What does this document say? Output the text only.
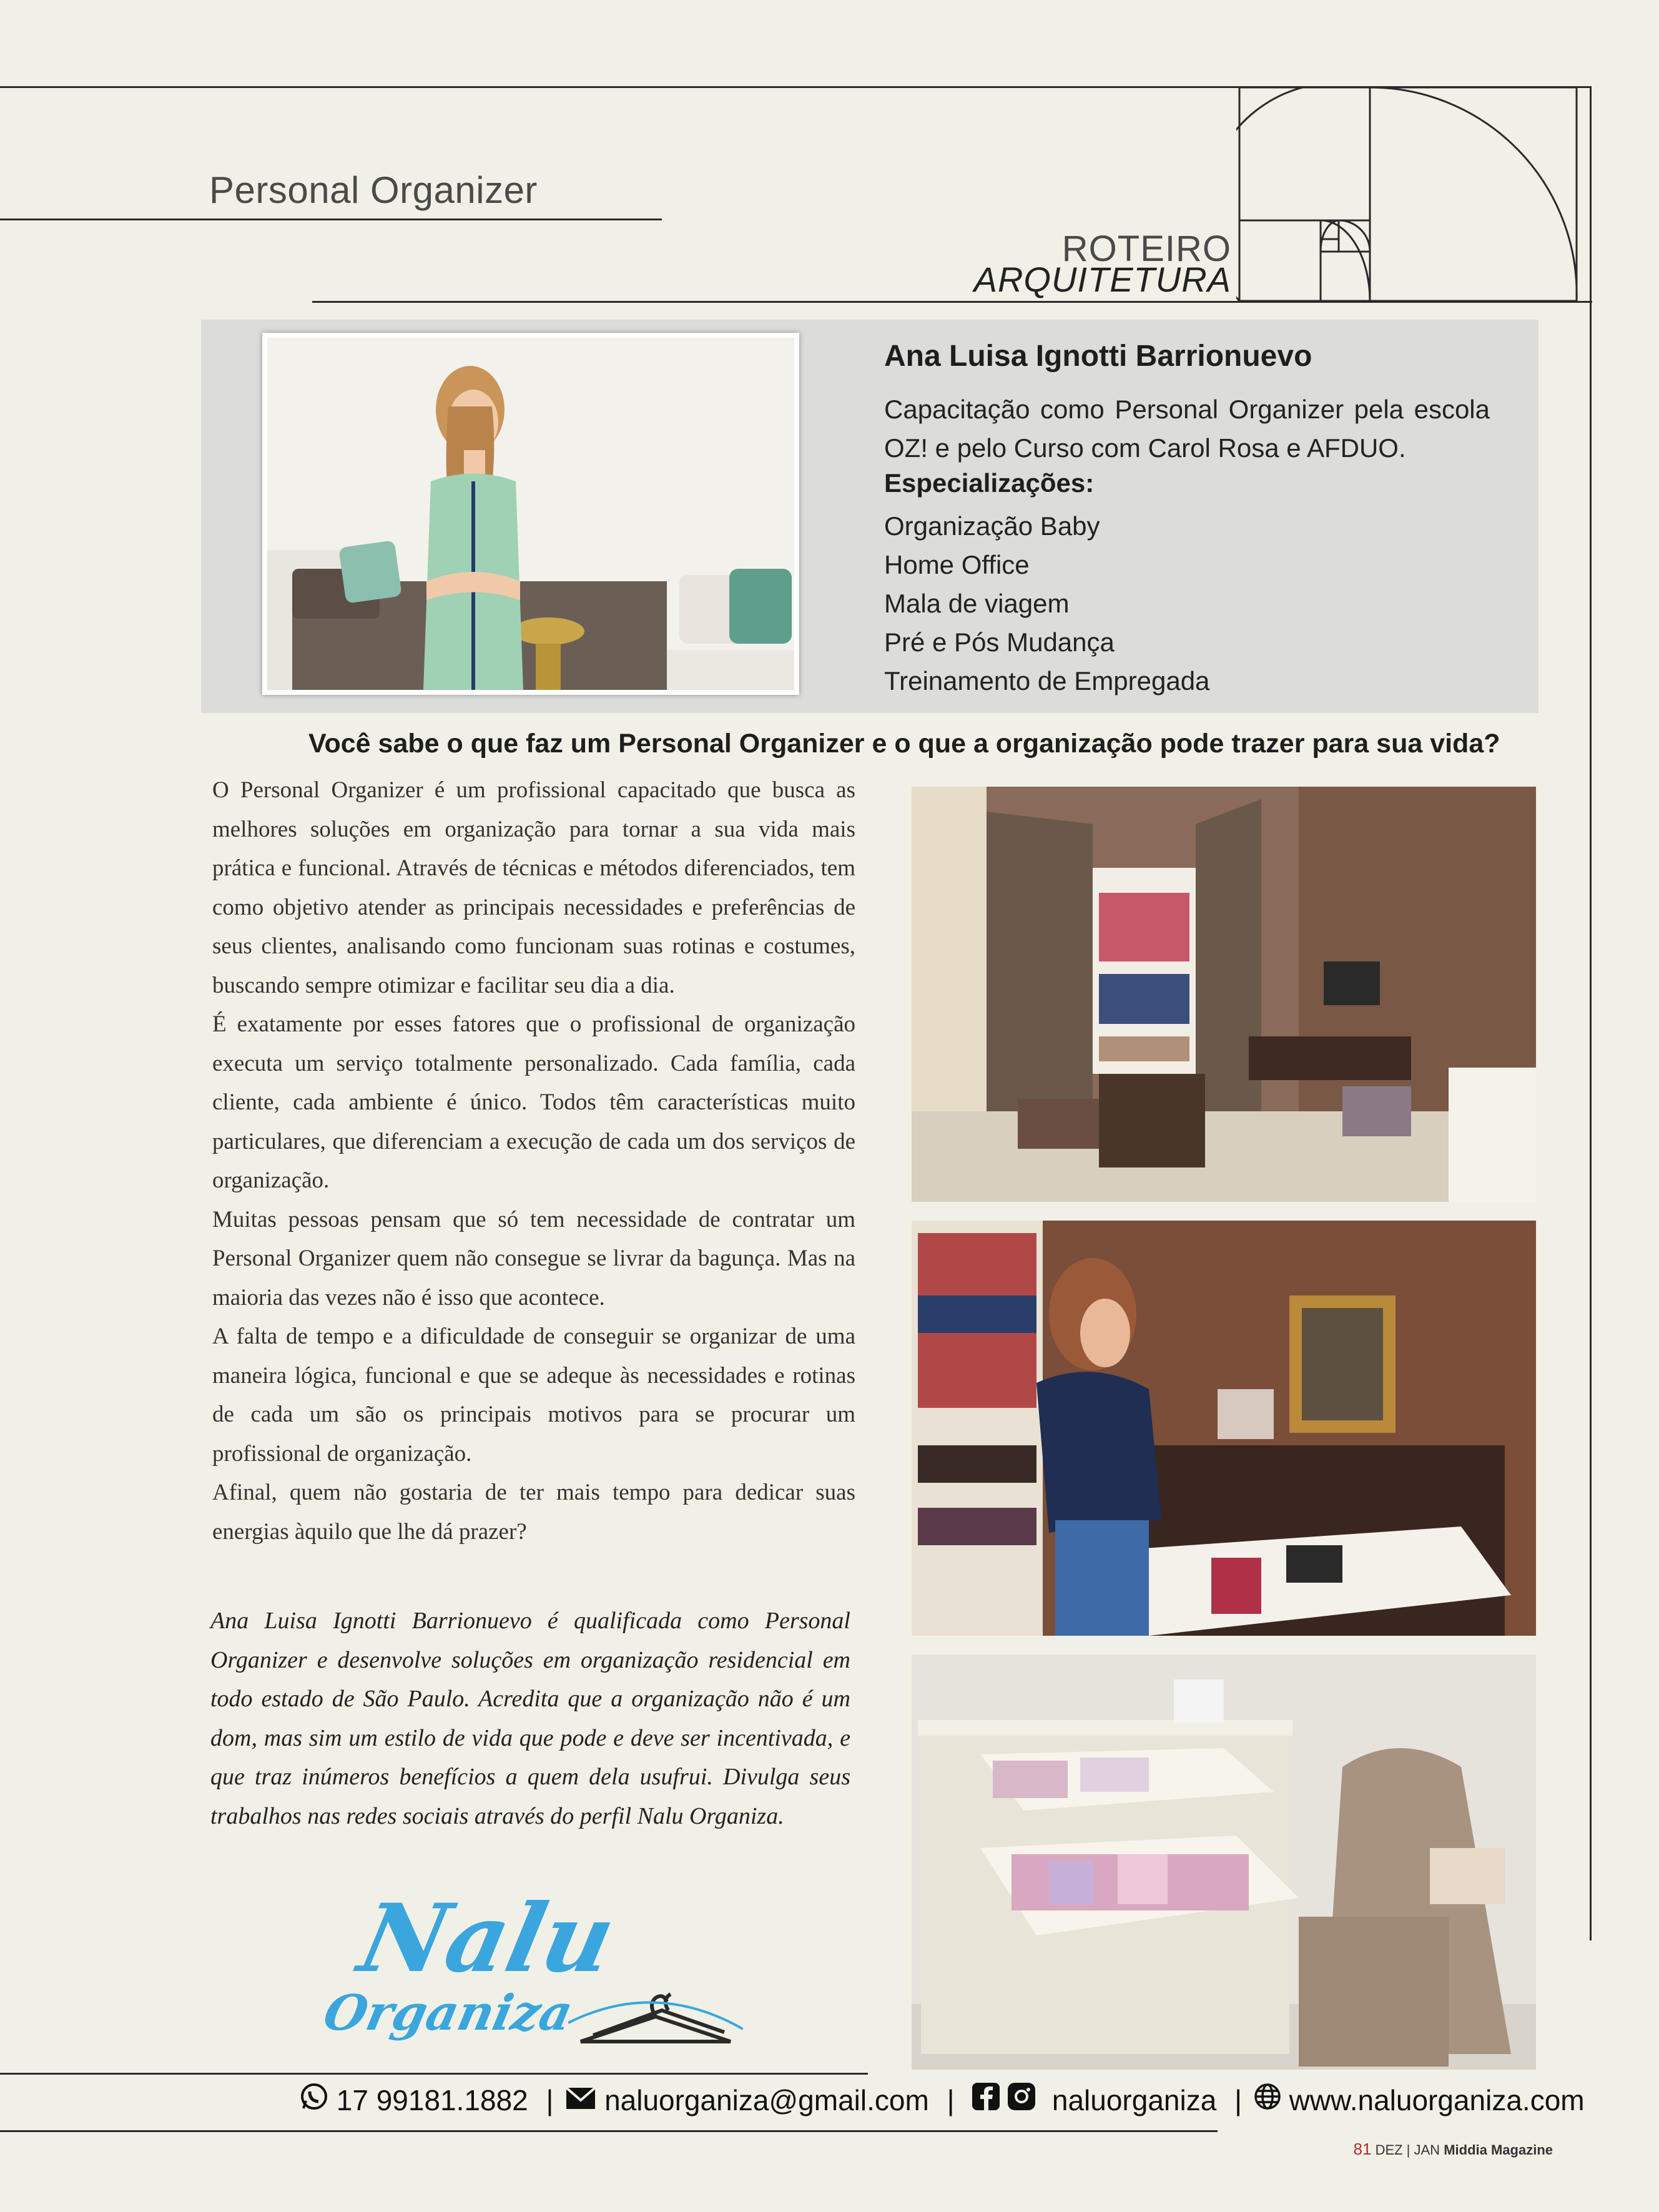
Personal Organizer
ROTEIRO
ARQUITETURA
Ana Luisa Ignotti Barrionuevo
Capacitação como Personal Organizer pela escola OZ! e pelo Curso com Carol Rosa e AFDUO.
Especializações:
Organização Baby
Home Office
Mala de viagem
Pré e Pós Mudança
Treinamento de Empregada
Você sabe o que faz um Personal Organizer e o que a organização pode trazer para sua vida?

O Personal Organizer é um profissional capacitado que busca as melhores soluções em organização para tornar a sua vida mais prática e funcional. Através de técnicas e métodos diferenciados, tem como objetivo atender as principais necessidades e preferências de seus clientes, analisando como funcionam suas rotinas e costumes, buscando sempre otimizar e facilitar seu dia a dia.

É exatamente por esses fatores que o profissional de organização executa um serviço totalmente personalizado. Cada família, cada cliente, cada ambiente é único. Todos têm características muito particulares, que diferenciam a execução de cada um dos serviços de organização.

Muitas pessoas pensam que só tem necessidade de contratar um Personal Organizer quem não consegue se livrar da bagunça. Mas na maioria das vezes não é isso que acontece.

A falta de tempo e a dificuldade de conseguir se organizar de uma maneira lógica, funcional e que se adeque às necessidades e rotinas de cada um são os principais motivos para se procurar um profissional de organização.

Afinal, quem não gostaria de ter mais tempo para dedicar suas energias àquilo que lhe dá prazer?

Ana Luisa Ignotti Barrionuevo é qualificada como Personal Organizer e desenvolve soluções em organização residencial em todo estado de São Paulo. Acredita que a organização não é um dom, mas sim um estilo de vida que pode e deve ser incentivada, e que traz inúmeros benefícios a quem dela usufrui. Divulga seus trabalhos nas redes sociais através do perfil Nalu Organiza.
Nalu
Organiza
17 99181.1882 | naluorganiza@gmail.com |	naluorganiza | www.naluorganiza.com
81 DEZ | JAN Middia Magazine
